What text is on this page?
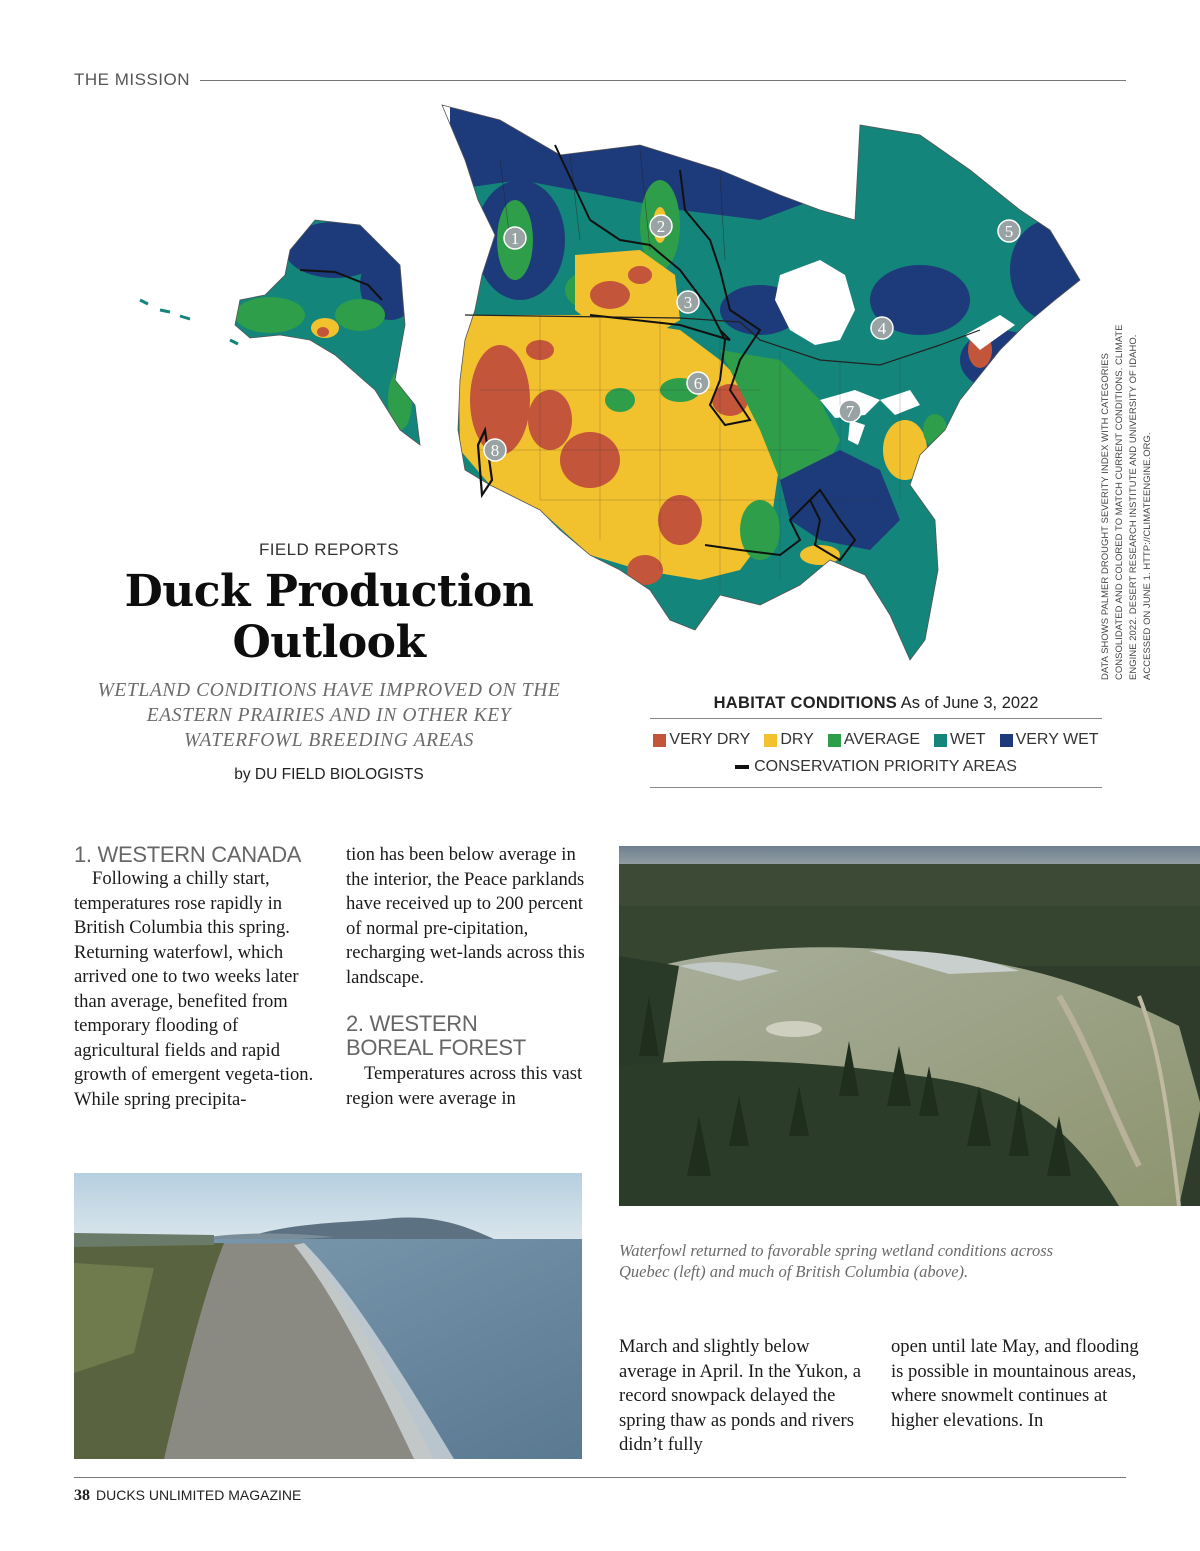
THE MISSION
1
2
3
4
5
6
7
8	DATA SHOWS PALMER DROUGHT SEVERITY INDEX WITH CATEGORIES CONSOLIDATED AND COLORED TO MATCH CURRENT CONDITIONS. CLIMATE ENGINE 2022. DESERT RESEARCH INSTITUTE AND UNIVERSITY OF IDAHO. ACCESSED ON JUNE 1. HTTP://CLIMATEENGINE.ORG.
FIELD REPORTS
Duck Production
Outlook
WETLAND CONDITIONS HAVE IMPROVED ON THE EASTERN PRAIRIES AND IN OTHER KEY WATERFOWL BREEDING AREAS
by DU FIELD BIOLOGISTS
HABITAT CONDITIONS As of June 3, 2022
VERY DRY DRY AVERAGE WET VERY WET
CONSERVATION PRIORITY AREAS
1. WESTERN CANADA

Following a chilly start, temperatures rose rapidly in British Columbia this spring. Returning waterfowl, which arrived one to two weeks later than average, benefited from temporary flooding of agricultural fields and rapid growth of emergent vegeta-tion. While spring precipita-

tion has been below average in the interior, the Peace parklands have received up to 200 percent of normal pre-cipitation, recharging wet-lands across this landscape.

2. WESTERN
BOREAL FOREST

Temperatures across this vast region were average in

March and slightly below average in April. In the Yukon, a record snowpack delayed the spring thaw as ponds and rivers didn’t fully

open until late May, and flooding is possible in mountainous areas, where snowmelt continues at higher elevations. In

Waterfowl returned to favorable spring wetland conditions across Quebec (left) and much of British Columbia (above).
38 DUCKS UNLIMITED MAGAZINE
